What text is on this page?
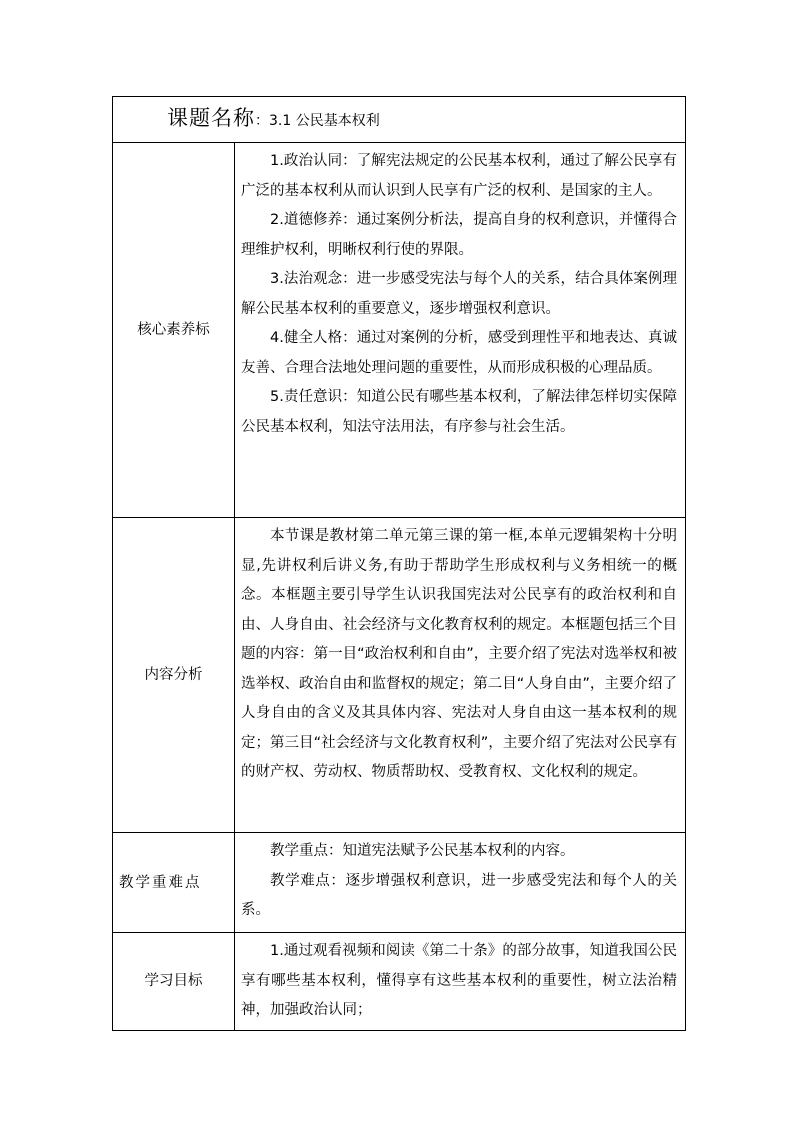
课题名称：3.1 公民基本权利	

核心素养标	1.政治认同：了解宪法规定的公民基本权利，通过了解公民享有广泛的基本权利从而认识到人民享有广泛的权利、是国家的主人。

2.道德修养：通过案例分析法，提高自身的权利意识，并懂得合理维护权利，明晰权利行使的界限。

3.法治观念：进一步感受宪法与每个人的关系，结合具体案例理解公民基本权利的重要意义，逐步增强权利意识。

4.健全人格：通过对案例的分析，感受到理性平和地表达、真诚友善、合理合法地处理问题的重要性，从而形成积极的心理品质。

5.责任意识：知道公民有哪些基本权利，了解法律怎样切实保障公民基本权利，知法守法用法，有序参与社会生活。

内容分析	本节课是教材第二单元第三课的第一框,本单元逻辑架构十分明显,先讲权利后讲义务,有助于帮助学生形成权利与义务相统一的概念。本框题主要引导学生认识我国宪法对公民享有的政治权利和自由、人身自由、社会经济与文化教育权利的规定。本框题包括三个目题的内容：第一目“政治权利和自由”，主要介绍了宪法对选举权和被选举权、政治自由和监督权的规定；第二目“人身自由”，主要介绍了人身自由的含义及其具体内容、宪法对人身自由这一基本权利的规定；第三目“社会经济与文化教育权利”，主要介绍了宪法对公民享有的财产权、劳动权、物质帮助权、受教育权、文化权利的规定。

教学重难点	教学重点：知道宪法赋予公民基本权利的内容。

教学难点：逐步增强权利意识，进一步感受宪法和每个人的关系。

学习目标	1.通过观看视频和阅读《第二十条》的部分故事，知道我国公民享有哪些基本权利，懂得享有这些基本权利的重要性，树立法治精神，加强政治认同；
